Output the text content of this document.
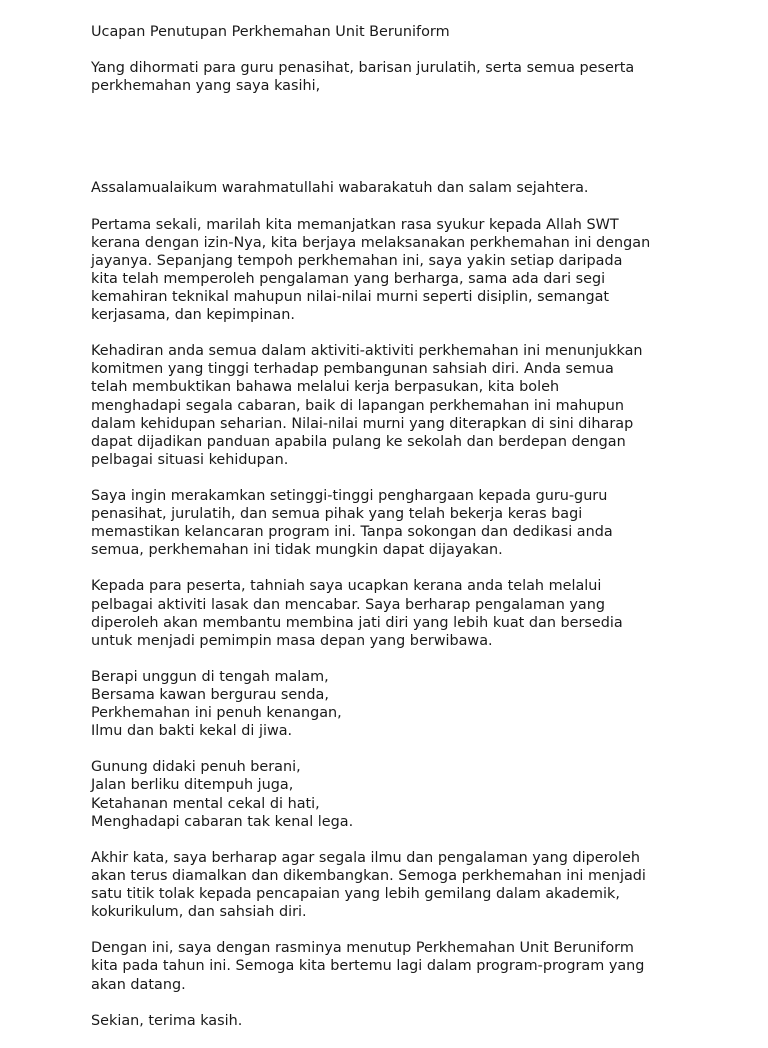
Ucapan Penutupan Perkhemahan Unit Beruniform

Yang dihormati para guru penasihat, barisan jurulatih, serta semua peserta
perkhemahan yang saya kasihi,

Assalamualaikum warahmatullahi wabarakatuh dan salam sejahtera.

Pertama sekali, marilah kita memanjatkan rasa syukur kepada Allah SWT
kerana dengan izin-Nya, kita berjaya melaksanakan perkhemahan ini dengan
jayanya. Sepanjang tempoh perkhemahan ini, saya yakin setiap daripada
kita telah memperoleh pengalaman yang berharga, sama ada dari segi
kemahiran teknikal mahupun nilai-nilai murni seperti disiplin, semangat
kerjasama, dan kepimpinan.

Kehadiran anda semua dalam aktiviti-aktiviti perkhemahan ini menunjukkan
komitmen yang tinggi terhadap pembangunan sahsiah diri. Anda semua
telah membuktikan bahawa melalui kerja berpasukan, kita boleh
menghadapi segala cabaran, baik di lapangan perkhemahan ini mahupun
dalam kehidupan seharian. Nilai-nilai murni yang diterapkan di sini diharap
dapat dijadikan panduan apabila pulang ke sekolah dan berdepan dengan
pelbagai situasi kehidupan.

Saya ingin merakamkan setinggi-tinggi penghargaan kepada guru-guru
penasihat, jurulatih, dan semua pihak yang telah bekerja keras bagi
memastikan kelancaran program ini. Tanpa sokongan dan dedikasi anda
semua, perkhemahan ini tidak mungkin dapat dijayakan.

Kepada para peserta, tahniah saya ucapkan kerana anda telah melalui
pelbagai aktiviti lasak dan mencabar. Saya berharap pengalaman yang
diperoleh akan membantu membina jati diri yang lebih kuat dan bersedia
untuk menjadi pemimpin masa depan yang berwibawa.

Berapi unggun di tengah malam,
Bersama kawan bergurau senda,
Perkhemahan ini penuh kenangan,
Ilmu dan bakti kekal di jiwa.

Gunung didaki penuh berani,
Jalan berliku ditempuh juga,
Ketahanan mental cekal di hati,
Menghadapi cabaran tak kenal lega.

Akhir kata, saya berharap agar segala ilmu dan pengalaman yang diperoleh
akan terus diamalkan dan dikembangkan. Semoga perkhemahan ini menjadi
satu titik tolak kepada pencapaian yang lebih gemilang dalam akademik,
kokurikulum, dan sahsiah diri.

Dengan ini, saya dengan rasminya menutup Perkhemahan Unit Beruniform
kita pada tahun ini. Semoga kita bertemu lagi dalam program-program yang
akan datang.

Sekian, terima kasih.
